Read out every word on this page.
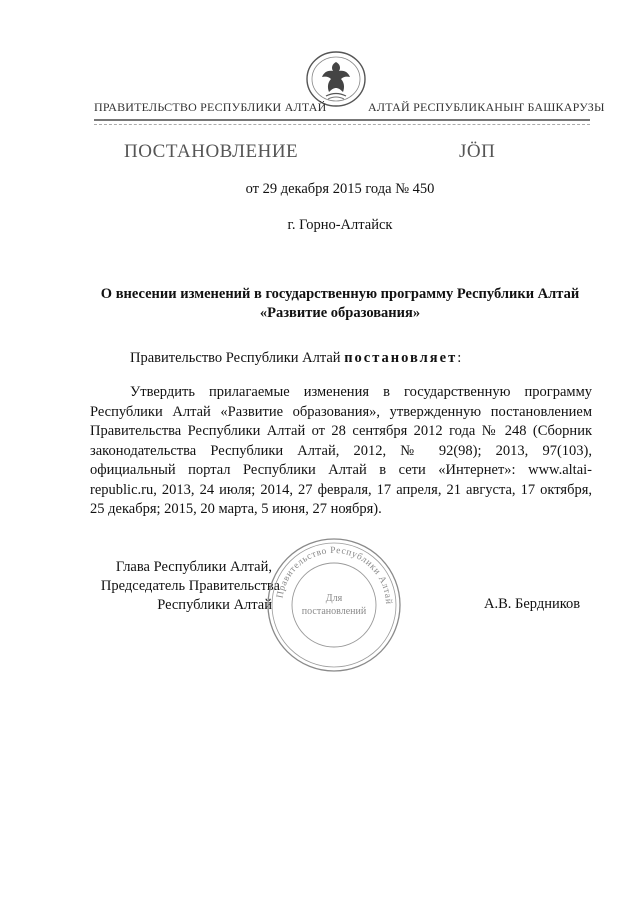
ПРАВИТЕЛЬСТВО РЕСПУБЛИКИ АЛТАЙ	АЛТАЙ РЕСПУБЛИКАНЫҤ БАШКАРУЗЫ
ПОСТАНОВЛЕНИЕ	JӦП
от 29 декабря 2015 года № 450
г. Горно-Алтайск
О внесении изменений в государственную программу Республики Алтай
«Развитие образования»
Правительство Республики Алтай постановляет:
Утвердить прилагаемые изменения в государственную программу Республики Алтай «Развитие образования», утвержденную постановлением Правительства Республики Алтай от 28 сентября 2012 года № 248 (Сборник законодательства Республики Алтай, 2012, № 92(98); 2013, 97(103), официальный портал Республики Алтай в сети «Интернет»: www.altai-republic.ru, 2013, 24 июля; 2014, 27 февраля, 17 апреля, 21 августа, 17 октября, 25 декабря; 2015, 20 марта, 5 июня, 27 ноября).
Глава Республики Алтай,
Председатель Правительства
Республики Алтай	А.В. Бердников
Правительство Республики Алтай
Для
постановлений
